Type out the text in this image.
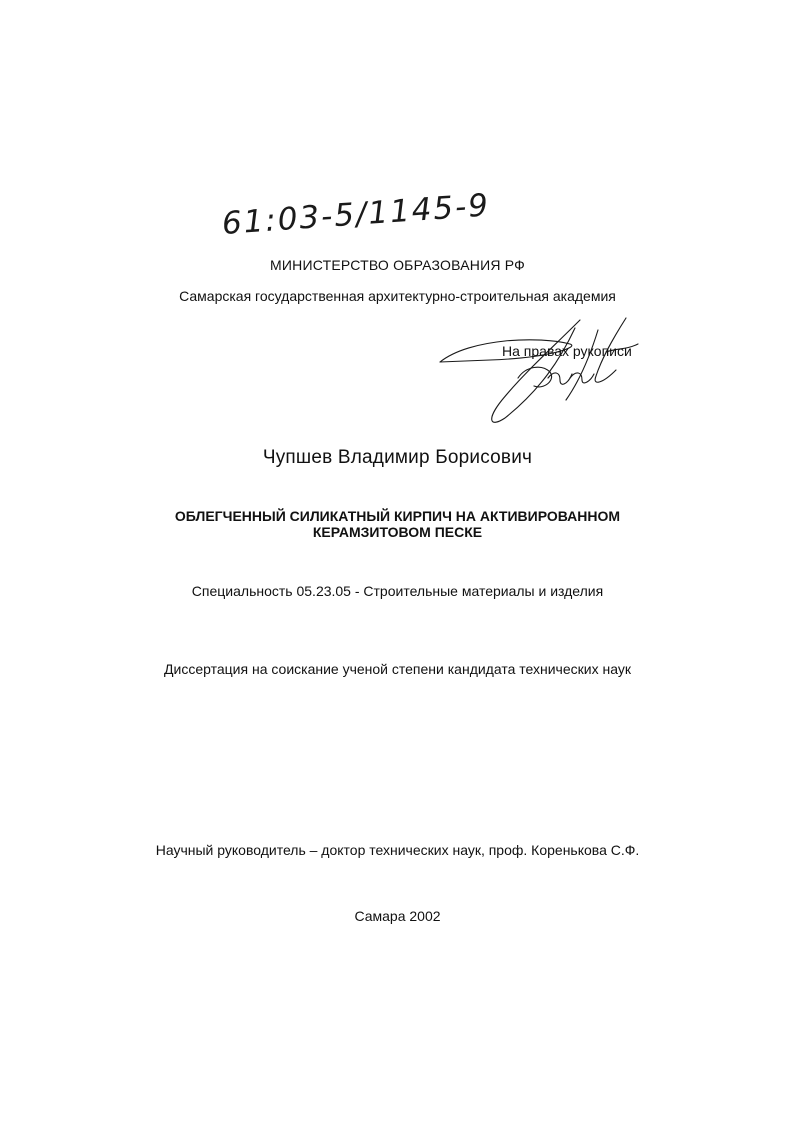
61:03-5/1145-9
МИНИСТЕРСТВО ОБРАЗОВАНИЯ РФ
Самарская государственная архитектурно-строительная академия
На правах рукописи
Чупшев Владимир Борисович
ОБЛЕГЧЕННЫЙ СИЛИКАТНЫЙ КИРПИЧ НА АКТИВИРОВАННОМ
КЕРАМЗИТОВОМ ПЕСКЕ
Специальность 05.23.05 - Строительные материалы и изделия
Диссертация на соискание ученой степени кандидата технических наук
Научный руководитель – доктор технических наук, проф. Коренькова С.Ф.
Самара 2002
